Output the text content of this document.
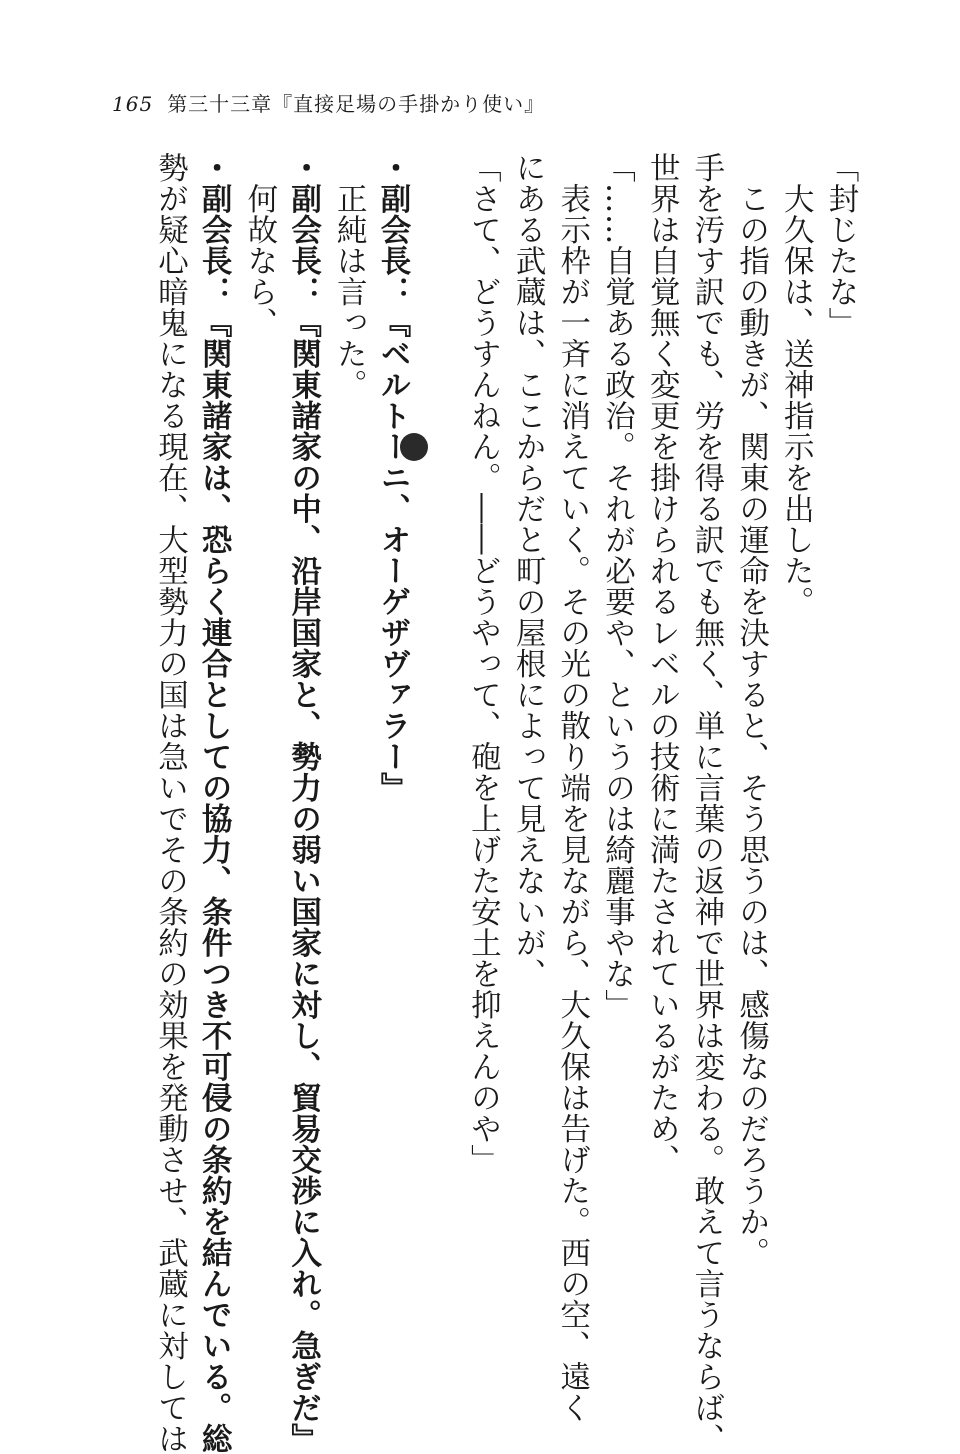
165 第三十三章『直接足場の手掛かり使い』
「封じたな」
大久保は、送神指示を出した。
この指の動きが、関東の運命を決すると、そう思うのは、感傷なのだろうか。
手を汚す訳でも、労を得る訳でも無く、単に言葉の返神で世界は変わる。敢えて言うならば、
世界は自覚無く変更を掛けられるレベルの技術に満たされているがため、
「……自覚ある政治。それが必要や、というのは綺麗事やな」
表示枠が一斉に消えていく。その光の散り端を見ながら、大久保は告げた。西の空、遠く
にある武蔵は、ここからだと町の屋根によって見えないが、
「さて、どうすんねん。――どうやって、砲を上げた安土を抑えんのや」
・副会長：『ベルトーニ、オーゲザヴァラー』
正純は言った。
・副会長：『関東諸家の中、沿岸国家と、勢力の弱い国家に対し、貿易交渉に入れ。急ぎだ』
何故なら、
・副会長：『関東諸家は、恐らく連合としての協力、条件つき不可侵の条約を結んでいる。総
勢が疑心暗鬼になる現在、大型勢力の国は急いでその条約の効果を発動させ、武蔵に対しては
